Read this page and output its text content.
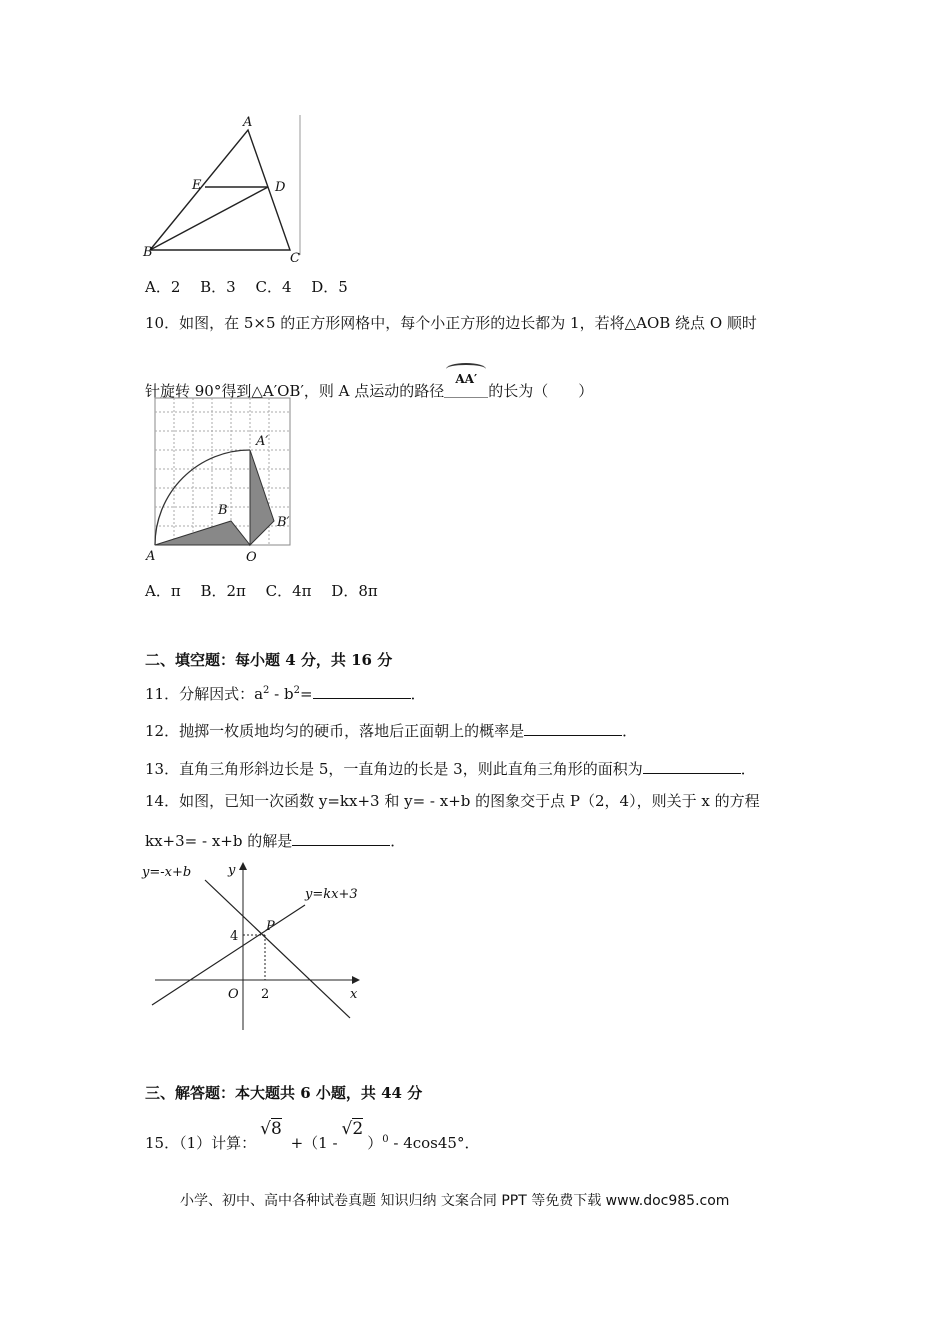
A
E	D
B	C
A．2　 B．3　 C．4　 D．5
10．如图，在 5×5 的正方形网格中，每个小正方形的边长都为 1，若将△AOB 绕点 O 顺时
针旋转 90°得到△A′OB′，则 A 点运动的路径
AA′
的长为（　　）
A	O
B
A′
B′
A．π　 B．2π　 C．4π　 D．8π
二、填空题：每小题 4 分，共 16 分
11．分解因式：$a^2 - b^2=$	．
12．抛掷一枚质地均匀的硬币，落地后正面朝上的概率是	．
13．直角三角形斜边长是 5，一直角边的长是 3，则此直角三角形的面积为	．
14．如图，已知一次函数 y=kx+3 和 y= - x+b 的图象交于点 P（2，4），则关于 x 的方程
kx+3= - x+b 的解是	．
y=-x+b
y=kx+3
y
x
O
P
4
2
三、解答题：本大题共 6 小题，共 44 分
15．（1）计算：√ 8 +（1 -√ 2）$^0$ - 4cos45°．
小学、初中、高中各种试卷真题 知识归纳 文案合同 PPT 等免费下载 www.doc985.com
